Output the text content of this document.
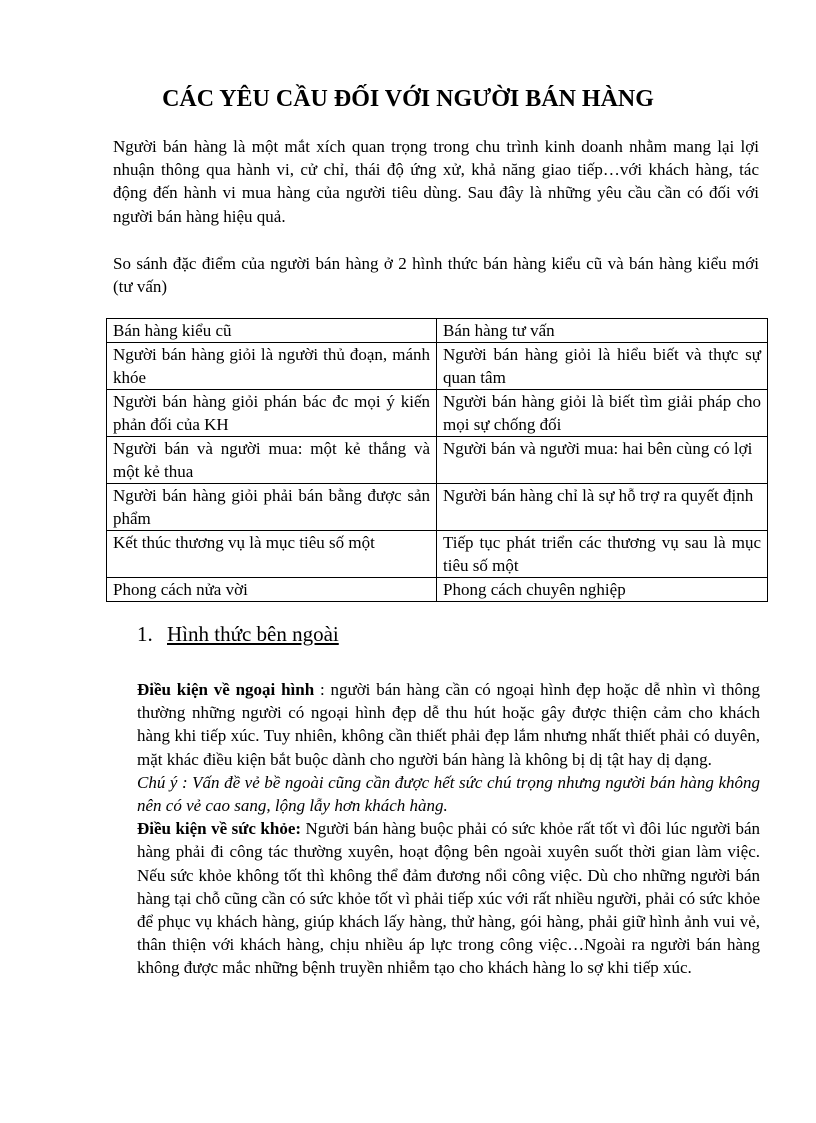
CÁC YÊU CẦU ĐỐI VỚI NGƯỜI BÁN HÀNG

Người bán hàng là một mắt xích quan trọng trong chu trình kinh doanh nhằm mang lại lợi nhuận thông qua hành vi, cử chỉ, thái độ ứng xử, khả năng giao tiếp…với khách hàng, tác động đến hành vi mua hàng của người tiêu dùng. Sau đây là những yêu cầu cần có đối với người bán hàng hiệu quả.

So sánh đặc điểm của người bán hàng ở 2 hình thức bán hàng kiểu cũ và bán hàng kiểu mới (tư vấn)

Bán hàng kiểu cũ	Bán hàng tư vấn
Người bán hàng giỏi là người thủ đoạn, mánh khóe	Người bán hàng giỏi là hiểu biết và thực sự quan tâm
Người bán hàng giỏi phán bác đc mọi ý kiến phản đối của KH	Người bán hàng giỏi là biết tìm giải pháp cho mọi sự chống đối
Người bán và người mua: một kẻ thắng và một kẻ thua	Người bán và người mua: hai bên cùng có lợi
Người bán hàng giỏi phải bán bằng được sản phẩm	Người bán hàng chỉ là sự hỗ trợ ra quyết định
Kết thúc thương vụ là mục tiêu số một	Tiếp tục phát triển các thương vụ sau là mục tiêu số một
Phong cách nửa vời	Phong cách chuyên nghiệp
1. Hình thức bên ngoài

Điều kiện về ngoại hình : người bán hàng cần có ngoại hình đẹp hoặc dễ nhìn vì thông thường những người có ngoại hình đẹp dễ thu hút hoặc gây được thiện cảm cho khách hàng khi tiếp xúc. Tuy nhiên, không cần thiết phải đẹp lắm nhưng nhất thiết phải có duyên, mặt khác điều kiện bắt buộc dành cho người bán hàng là không bị dị tật hay dị dạng.

Chú ý : Vấn đề vẻ bề ngoài cũng cần được hết sức chú trọng nhưng người bán hàng không nên có vẻ cao sang, lộng lẫy hơn khách hàng.

Điều kiện về sức khỏe: Người bán hàng buộc phải có sức khỏe rất tốt vì đôi lúc người bán hàng phải đi công tác thường xuyên, hoạt động bên ngoài xuyên suốt thời gian làm việc. Nếu sức khỏe không tốt thì không thể đảm đương nổi công việc. Dù cho những người bán hàng tại chỗ cũng cần có sức khỏe tốt vì phải tiếp xúc với rất nhiều người, phải có sức khỏe để phục vụ khách hàng, giúp khách lấy hàng, thử hàng, gói hàng, phải giữ hình ảnh vui vẻ, thân thiện với khách hàng, chịu nhiều áp lực trong công việc…Ngoài ra người bán hàng không được mắc những bệnh truyền nhiễm tạo cho khách hàng lo sợ khi tiếp xúc.
